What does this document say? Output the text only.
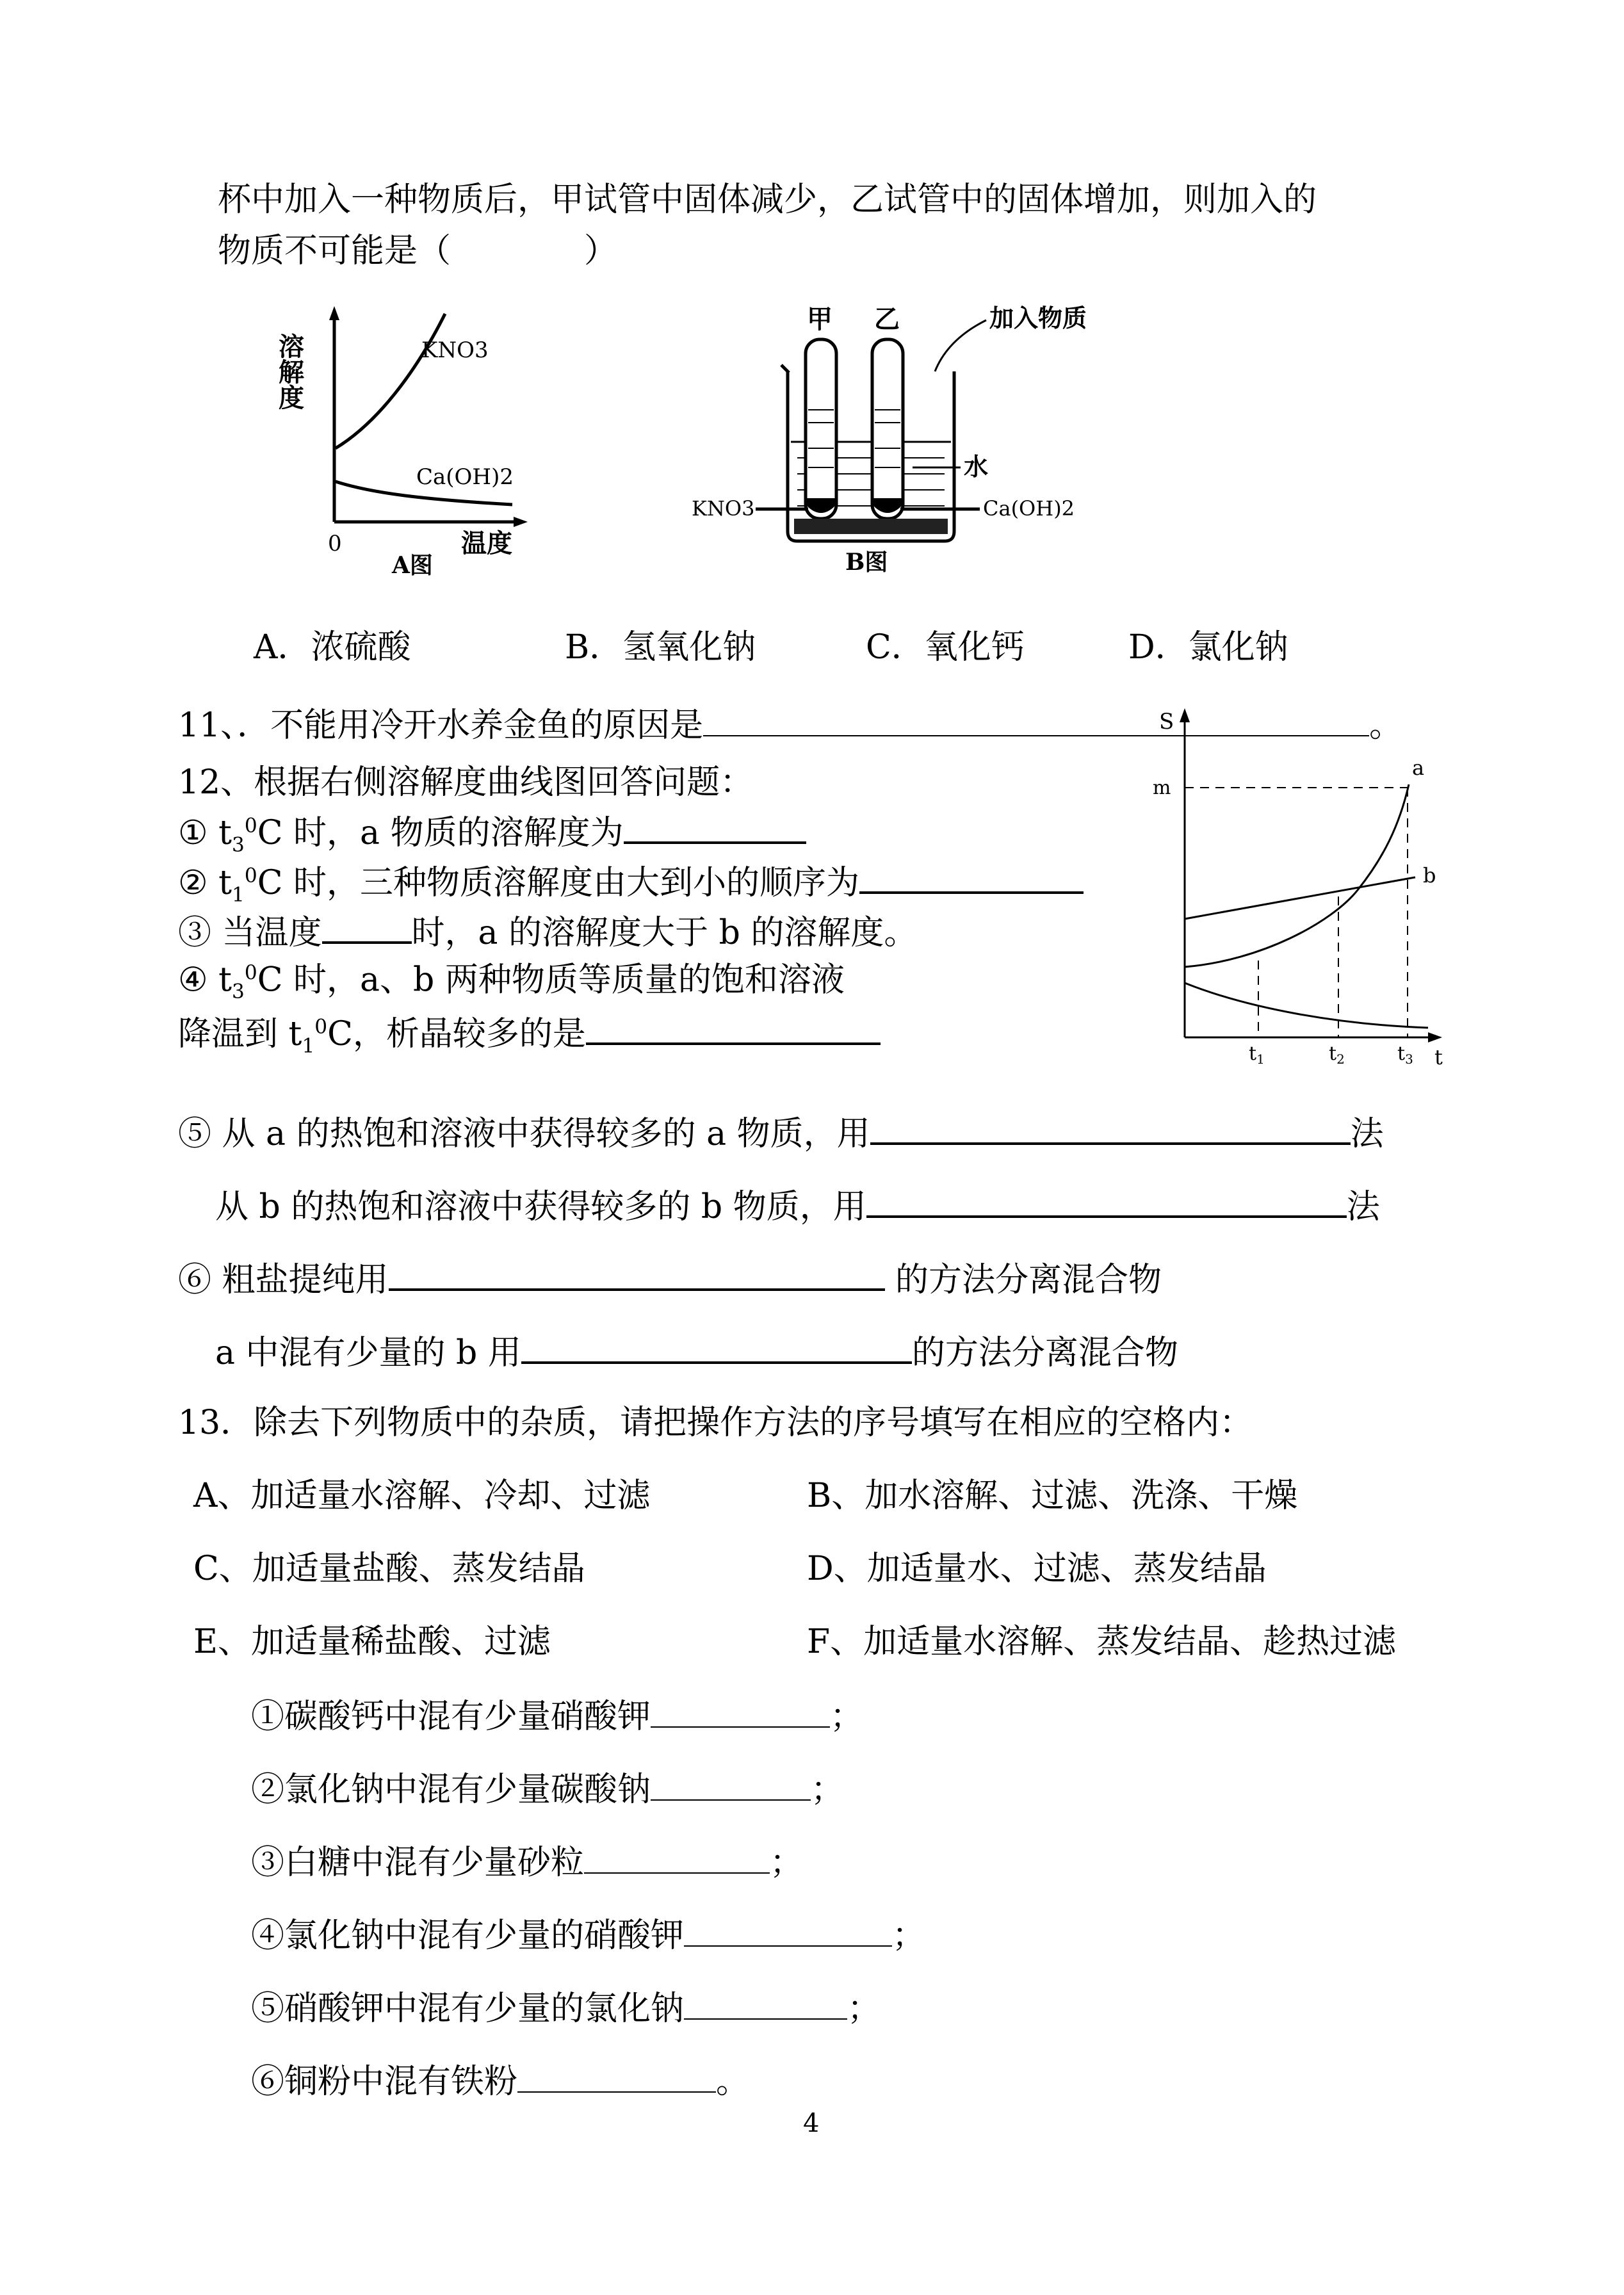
杯中加入一种物质后，甲试管中固体减少，乙试管中的固体增加，则加入的
物质不可能是（　　　　）
溶解度	KNO3
Ca(OH)2
0	温度
A图
甲 乙	加入物质
水
KNO3	Ca(OH)2
B图
A．浓硫酸	B．氢氧化钠	C．氧化钙	D．氯化钠
11、．不能用冷开水养金鱼的原因是	。
S
m
a
b
$t_1$	$t_2$	$t_3$ t
12、根据右侧溶解度曲线图回答问题：
① $t_3^0C$ 时，a 物质的溶解度为
② $t_1^0C$ 时，三种物质溶解度由大到小的顺序为
③ 当温度	时，a 的溶解度大于 b 的溶解度。
④ $t_3^0C$ 时，a、b 两种物质等质量的饱和溶液
降温到 $t_1^0C$，析晶较多的是
⑤ 从 a 的热饱和溶液中获得较多的 a 物质，用	法
从 b 的热饱和溶液中获得较多的 b 物质，用	法
⑥ 粗盐提纯用	的方法分离混合物
a 中混有少量的 b 用	的方法分离混合物
13．除去下列物质中的杂质，请把操作方法的序号填写在相应的空格内：
A、加适量水溶解、冷却、过滤	B、加水溶解、过滤、洗涤、干燥
C、加适量盐酸、蒸发结晶	D、加适量水、过滤、蒸发结晶
E、加适量稀盐酸、过滤	F、加适量水溶解、蒸发结晶、趁热过滤
①碳酸钙中混有少量硝酸钾	；
②氯化钠中混有少量碳酸钠	；
③白糖中混有少量砂粒	；
④氯化钠中混有少量的硝酸钾	；
⑤硝酸钾中混有少量的氯化钠	；
⑥铜粉中混有铁粉	。
4
